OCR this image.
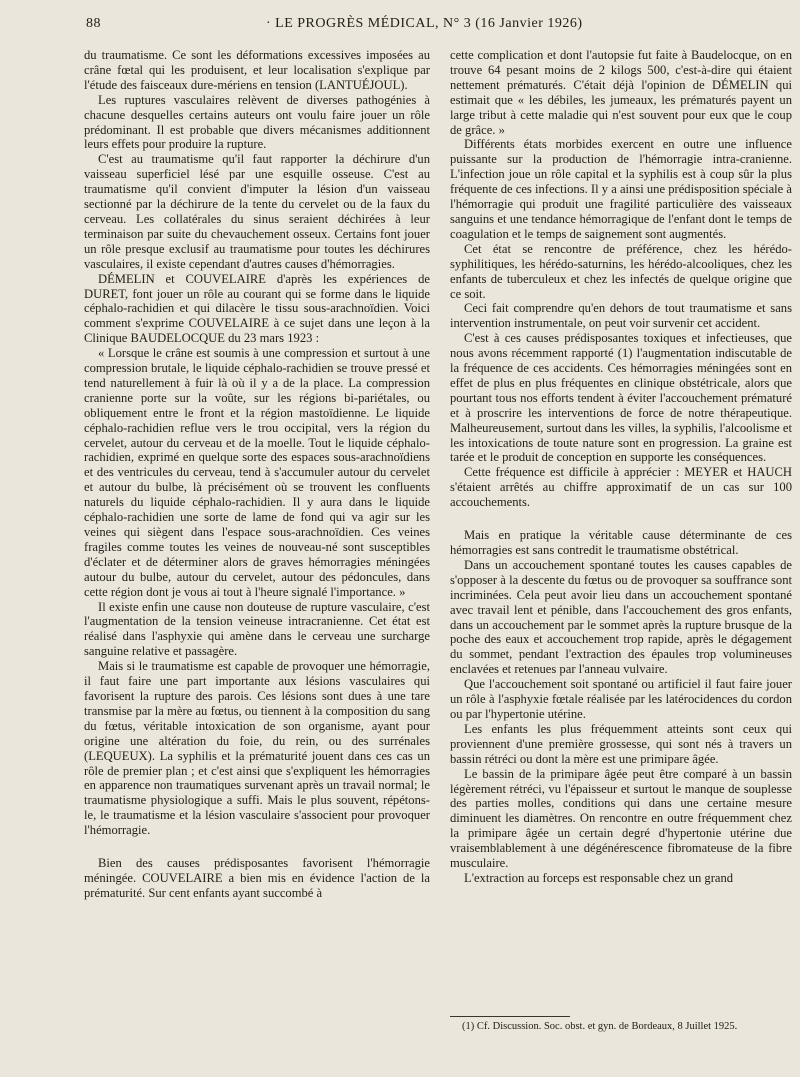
88	· LE PROGRÈS MÉDICAL, N° 3 (16 Janvier 1926)

du traumatisme. Ce sont les déformations excessives imposées au crâne fœtal qui les produisent, et leur localisation s'explique par l'étude des faisceaux dure-mériens en tension (LANTUÉJOUL).

Les ruptures vasculaires relèvent de diverses pathogénies à chacune desquelles certains auteurs ont voulu faire jouer un rôle prédominant. Il est probable que divers mécanismes additionnent leurs effets pour produire la rupture.

C'est au traumatisme qu'il faut rapporter la déchirure d'un vaisseau superficiel lésé par une esquille osseuse. C'est au traumatisme qu'il convient d'imputer la lésion d'un vaisseau sectionné par la déchirure de la tente du cervelet ou de la faux du cerveau. Les collatérales du sinus seraient déchirées à leur terminaison par suite du chevauchement osseux. Certains font jouer un rôle presque exclusif au traumatisme pour toutes les déchirures vasculaires, il existe cependant d'autres causes d'hémorragies.

DÉMELIN et COUVELAIRE d'après les expériences de DURET, font jouer un rôle au courant qui se forme dans le liquide céphalo-rachidien et qui dilacère le tissu sous-arachnoïdien. Voici comment s'exprime COUVELAIRE à ce sujet dans une leçon à la Clinique BAUDELOCQUE du 23 mars 1923 :

« Lorsque le crâne est soumis à une compression et surtout à une compression brutale, le liquide céphalo-rachidien se trouve pressé et tend naturellement à fuir là où il y a de la place. La compression cranienne porte sur la voûte, sur les régions bi-pariétales, ou obliquement entre le front et la région mastoïdienne. Le liquide céphalo-rachidien reflue vers le trou occipital, vers la région du cervelet, autour du cerveau et de la moelle. Tout le liquide céphalo-rachidien, exprimé en quelque sorte des espaces sous-arachnoïdiens et des ventricules du cerveau, tend à s'accumuler autour du cervelet et autour du bulbe, là précisément où se trouvent les confluents naturels du liquide céphalo-rachidien. Il y aura dans le liquide céphalo-rachidien une sorte de lame de fond qui va agir sur les veines qui siègent dans l'espace sous-arachnoïdien. Ces veines fragiles comme toutes les veines de nouveau-né sont susceptibles d'éclater et de déterminer alors de graves hémorragies méningées autour du bulbe, autour du cervelet, autour des pédoncules, dans cette région dont je vous ai tout à l'heure signalé l'importance. »

Il existe enfin une cause non douteuse de rupture vasculaire, c'est l'augmentation de la tension veineuse intracranienne. Cet état est réalisé dans l'asphyxie qui amène dans le cerveau une surcharge sanguine relative et passagère.

Mais si le traumatisme est capable de provoquer une hémorragie, il faut faire une part importante aux lésions vasculaires qui favorisent la rupture des parois. Ces lésions sont dues à une tare transmise par la mère au fœtus, ou tiennent à la composition du sang du fœtus, véritable intoxication de son organisme, ayant pour origine une altération du foie, du rein, ou des surrénales (LEQUEUX). La syphilis et la prématurité jouent dans ces cas un rôle de premier plan ; et c'est ainsi que s'expliquent les hémorragies en apparence non traumatiques survenant après un travail normal; le traumatisme physiologique a suffi. Mais le plus souvent, répétons-le, le traumatisme et la lésion vasculaire s'associent pour provoquer l'hémorragie.

Bien des causes prédisposantes favorisent l'hémorragie méningée. COUVELAIRE a bien mis en évidence l'action de la prématurité. Sur cent enfants ayant succombé à

cette complication et dont l'autopsie fut faite à Baudelocque, on en trouve 64 pesant moins de 2 kilogs 500, c'est-à-dire qui étaient nettement prématurés. C'était déjà l'opinion de DÉMELIN qui estimait que « les débiles, les jumeaux, les prématurés payent un large tribut à cette maladie qui n'est souvent pour eux que le coup de grâce. »

Différents états morbides exercent en outre une influence puissante sur la production de l'hémorragie intra-cranienne. L'infection joue un rôle capital et la syphilis est à coup sûr la plus fréquente de ces infections. Il y a ainsi une prédisposition spéciale à l'hémorragie qui produit une fragilité particulière des vaisseaux sanguins et une tendance hémorragique de l'enfant dont le temps de coagulation et le temps de saignement sont augmentés.

Cet état se rencontre de préférence, chez les hérédo-syphilitiques, les hérédo-saturnins, les hérédo-alcooliques, chez les enfants de tuberculeux et chez les infectés de quelque origine que ce soit.

Ceci fait comprendre qu'en dehors de tout traumatisme et sans intervention instrumentale, on peut voir survenir cet accident.

C'est à ces causes prédisposantes toxiques et infectieuses, que nous avons récemment rapporté (1) l'augmentation indiscutable de la fréquence de ces accidents. Ces hémorragies méningées sont en effet de plus en plus fréquentes en clinique obstétricale, alors que pourtant tous nos efforts tendent à éviter l'accouchement prématuré et à proscrire les interventions de force de notre thérapeutique. Malheureusement, surtout dans les villes, la syphilis, l'alcoolisme et les intoxications de toute nature sont en progression. La graine est tarée et le produit de conception en supporte les conséquences.

Cette fréquence est difficile à apprécier : MEYER et HAUCH s'étaient arrêtés au chiffre approximatif de un cas sur 100 accouchements.

Mais en pratique la véritable cause déterminante de ces hémorragies est sans contredit le traumatisme obstétrical.

Dans un accouchement spontané toutes les causes capables de s'opposer à la descente du fœtus ou de provoquer sa souffrance sont incriminées. Cela peut avoir lieu dans un accouchement spontané avec travail lent et pénible, dans l'accouchement des gros enfants, dans un accouchement par le sommet après la rupture brusque de la poche des eaux et accouchement trop rapide, après le dégagement du sommet, pendant l'extraction des épaules trop volumineuses enclavées et retenues par l'anneau vulvaire.

Que l'accouchement soit spontané ou artificiel il faut faire jouer un rôle à l'asphyxie fœtale réalisée par les latérocidences du cordon ou par l'hypertonie utérine.

Les enfants les plus fréquemment atteints sont ceux qui proviennent d'une première grossesse, qui sont nés à travers un bassin rétréci ou dont la mère est une primipare âgée.

Le bassin de la primipare âgée peut être comparé à un bassin légèrement rétréci, vu l'épaisseur et surtout le manque de souplesse des parties molles, conditions qui dans une certaine mesure diminuent les diamètres. On rencontre en outre fréquemment chez la primipare âgée un certain degré d'hypertonie utérine due vraisemblablement à une dégénérescence fibromateuse de la fibre musculaire.

L'extraction au forceps est responsable chez un grand

(1) Cf. Discussion. Soc. obst. et gyn. de Bordeaux, 8 Juillet 1925.
